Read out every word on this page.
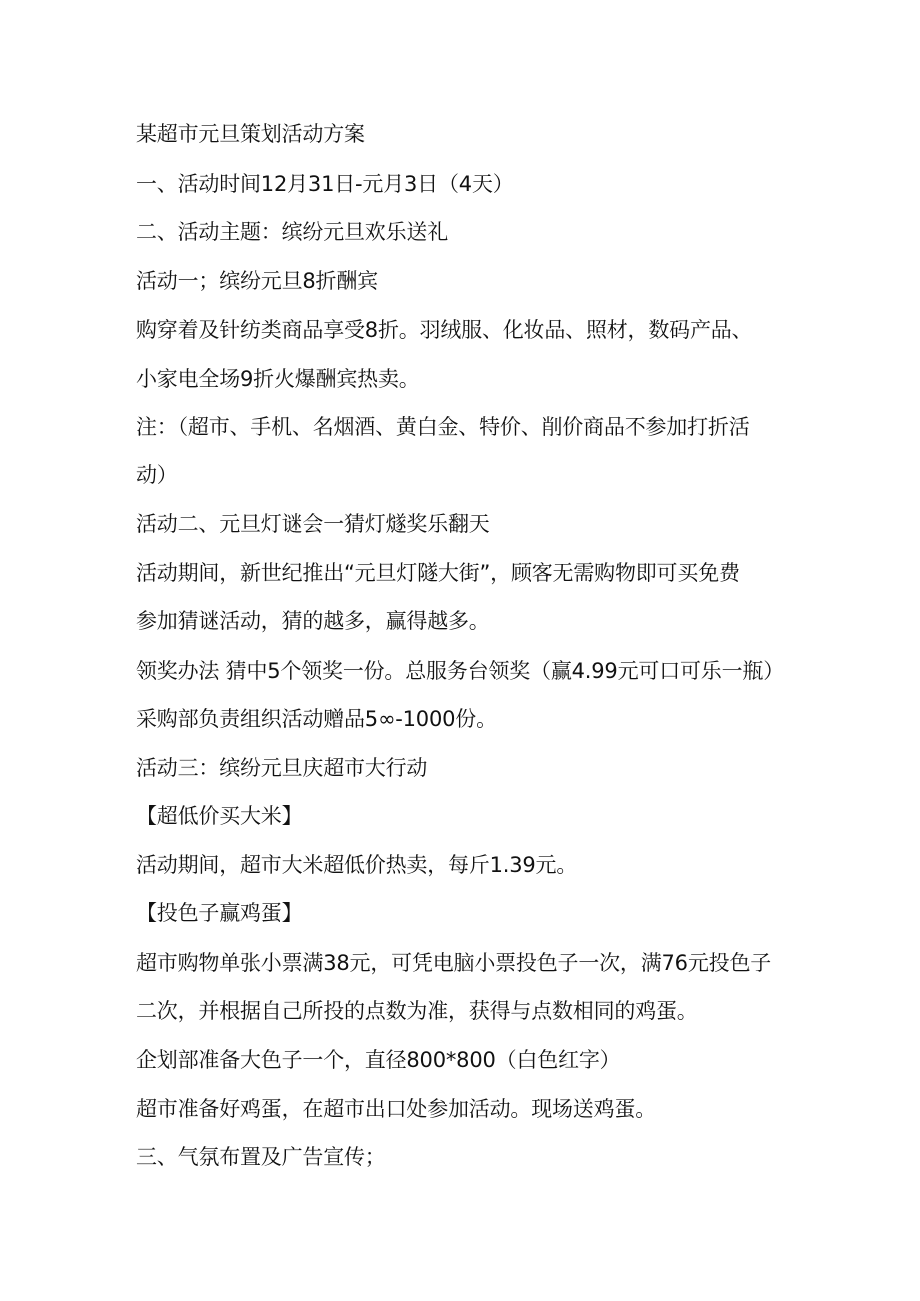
某超市元旦策划活动方案
一、活动时间12月31日-元月3日（4天）
二、活动主题：缤纷元旦欢乐送礼
活动一；缤纷元旦8折酬宾
购穿着及针纺类商品享受8折。羽绒服、化妆品、照材，数码产品、
小家电全场9折火爆酬宾热卖。
注：（超市、手机、名烟酒、黄白金、特价、削价商品不参加打折活
动）
活动二、元旦灯谜会一猜灯燧奖乐翻天
活动期间，新世纪推出“元旦灯隧大街”，顾客无需购物即可买免费
参加猜谜活动，猜的越多，赢得越多。
领奖办法 猜中5个领奖一份。总服务台领奖（赢4.99元可口可乐一瓶）
采购部负责组织活动赠品5∞-1000份。
活动三：缤纷元旦庆超市大行动
【超低价买大米】
活动期间，超市大米超低价热卖，每斤1.39元。
【投色子赢鸡蛋】
超市购物单张小票满38元，可凭电脑小票投色子一次，满76元投色子
二次，并根据自己所投的点数为准，获得与点数相同的鸡蛋。
企划部准备大色子一个，直径800*800（白色红字）
超市准备好鸡蛋，在超市出口处参加活动。现场送鸡蛋。
三、气氛布置及广告宣传；
